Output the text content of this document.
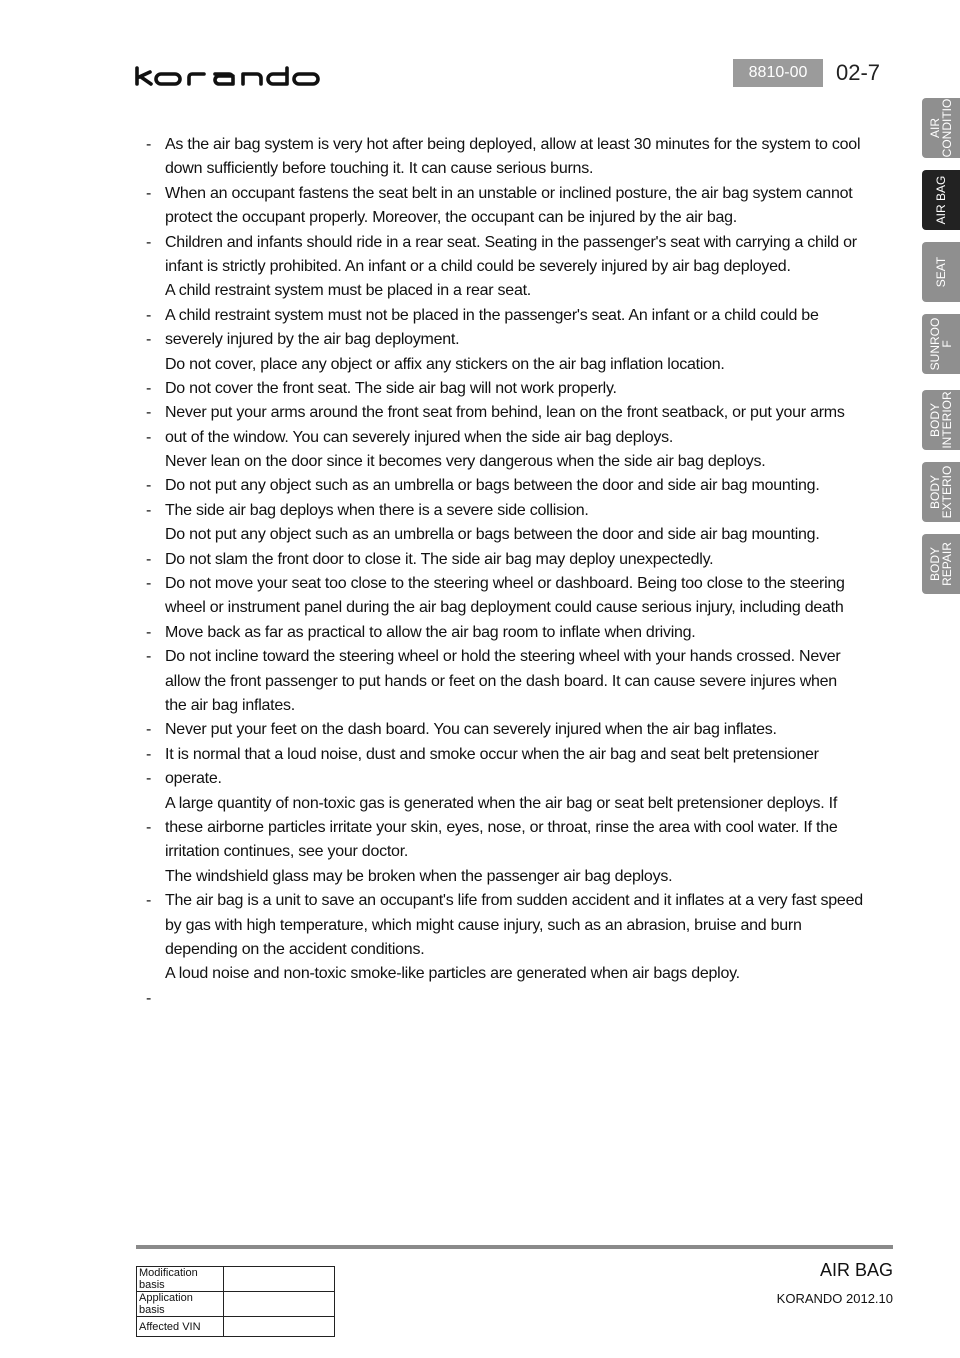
8810-00	02-7
AIR
CONDITIO
AIR BAG
SEAT
SUNROO
F
BODY
INTERIOR
BODY
EXTERIO
BODY
REPAIR
- As the air bag system is very hot after being deployed, allow at least 30 minutes for the system to cool
down sufficiently before touching it. It can cause serious burns.
- When an occupant fastens the seat belt in an unstable or inclined posture, the air bag system cannot
protect the occupant properly. Moreover, the occupant can be injured by the air bag.
- Children and infants should ride in a rear seat. Seating in the passenger's seat with carrying a child or
infant is strictly prohibited. An infant or a child could be severely injured by air bag deployed.
A child restraint system must be placed in a rear seat.
- A child restraint system must not be placed in the passenger's seat. An infant or a child could be
- severely injured by the air bag deployment.
Do not cover, place any object or affix any stickers on the air bag inflation location.
- Do not cover the front seat. The side air bag will not work properly.
- Never put your arms around the front seat from behind, lean on the front seatback, or put your arms
- out of the window. You can severely injured when the side air bag deploys.
Never lean on the door since it becomes very dangerous when the side air bag deploys.
- Do not put any object such as an umbrella or bags between the door and side air bag mounting.
- The side air bag deploys when there is a severe side collision.
Do not put any object such as an umbrella or bags between the door and side air bag mounting.
- Do not slam the front door to close it. The side air bag may deploy unexpectedly.
- Do not move your seat too close to the steering wheel or dashboard. Being too close to the steering
wheel or instrument panel during the air bag deployment could cause serious injury, including death
- Move back as far as practical to allow the air bag room to inflate when driving.
- Do not incline toward the steering wheel or hold the steering wheel with your hands crossed. Never
allow the front passenger to put hands or feet on the dash board. It can cause severe injures when
the air bag inflates.
- Never put your feet on the dash board. You can severely injured when the air bag inflates.
- It is normal that a loud noise, dust and smoke occur when the air bag and seat belt pretensioner
- operate.
A large quantity of non-toxic gas is generated when the air bag or seat belt pretensioner deploys. If
- these airborne particles irritate your skin, eyes, nose, or throat, rinse the area with cool water. If the
irritation continues, see your doctor.
The windshield glass may be broken when the passenger air bag deploys.
- The air bag is a unit to save an occupant's life from sudden accident and it inflates at a very fast speed
by gas with high temperature, which might cause injury, such as an abrasion, bruise and burn
depending on the accident conditions.
A loud noise and non-toxic smoke-like particles are generated when air bags deploy.
-
AIR BAG
KORANDO 2012.10
Modification basis	
Application basis	
Affected VIN	
